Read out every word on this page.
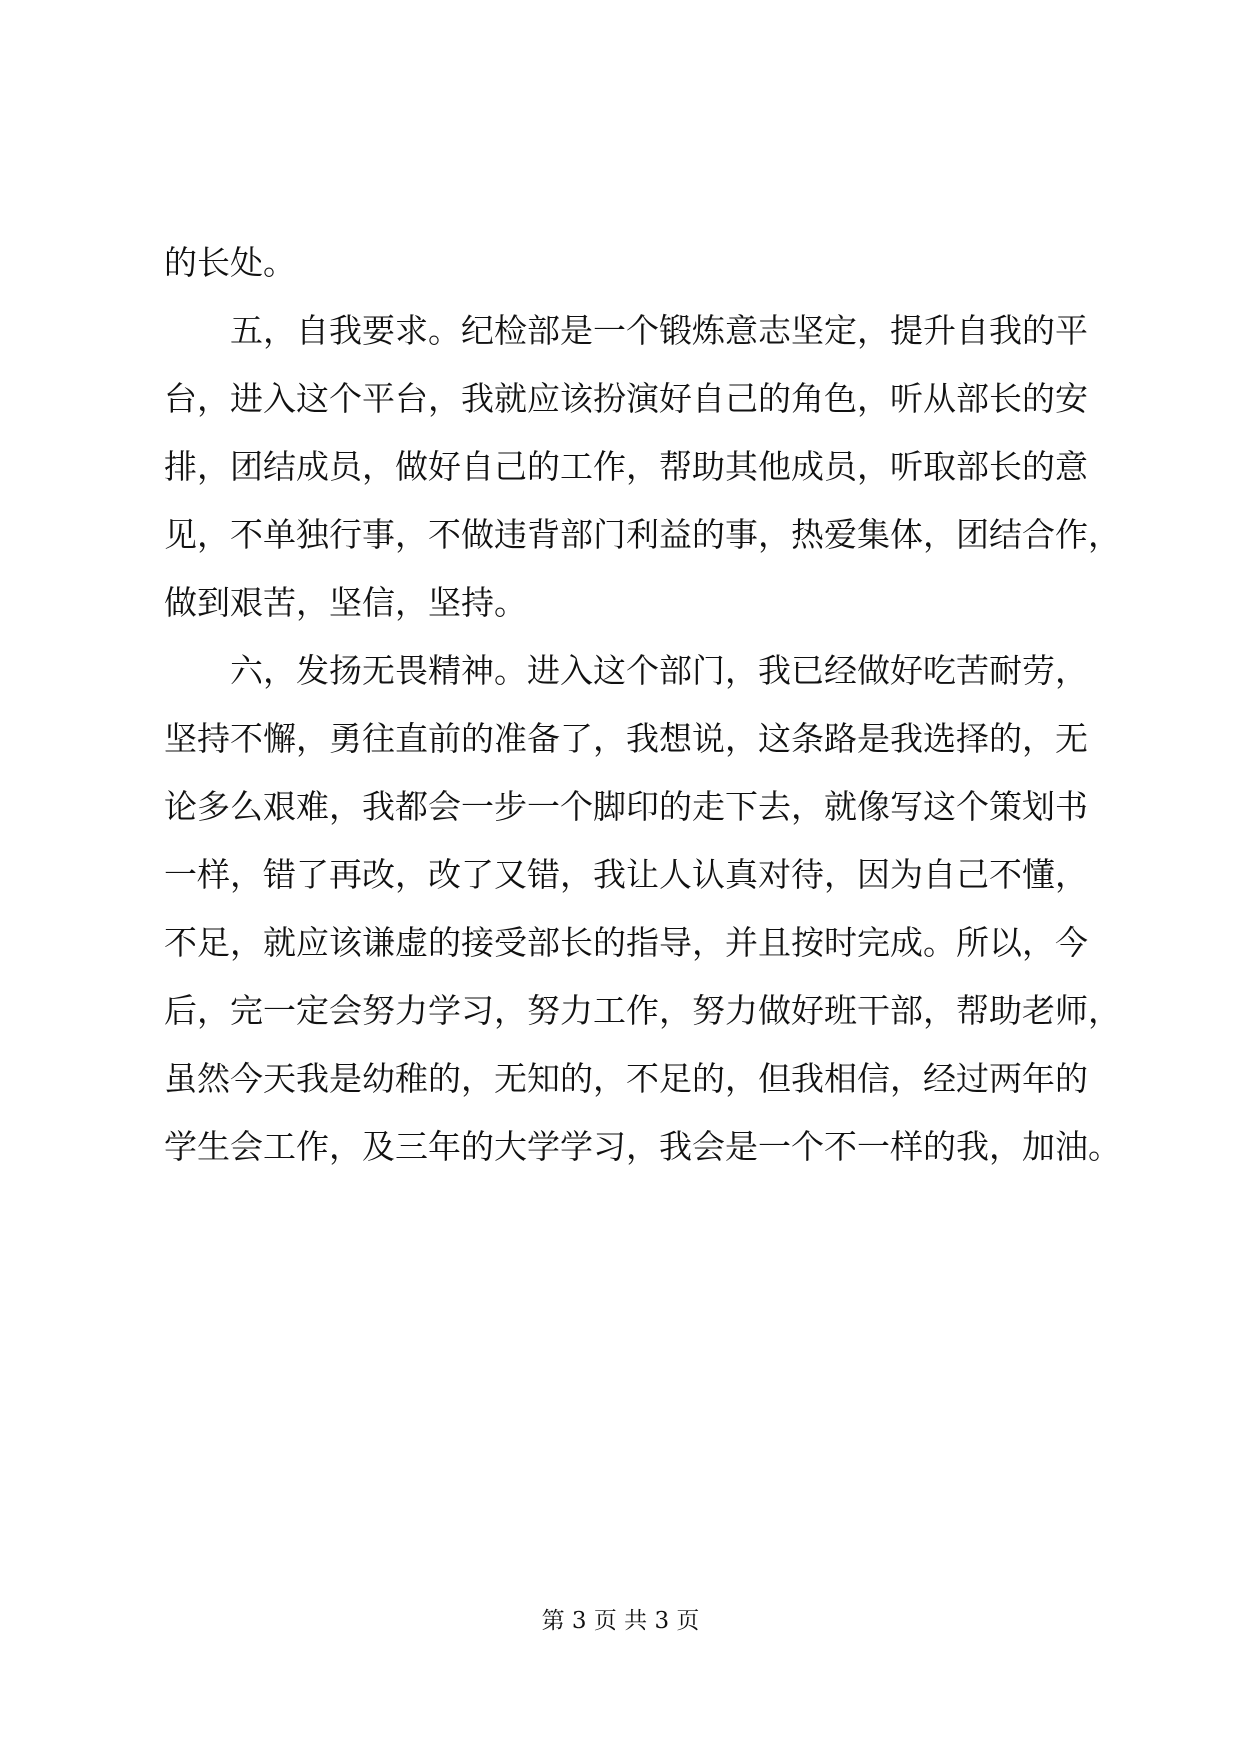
的长处。
　　五，自我要求。纪检部是一个锻炼意志坚定，提升自我的平
台，进入这个平台，我就应该扮演好自己的角色，听从部长的安
排，团结成员，做好自己的工作，帮助其他成员，听取部长的意
见，不单独行事，不做违背部门利益的事，热爱集体，团结合作，
做到艰苦，坚信，坚持。
　　六，发扬无畏精神。进入这个部门，我已经做好吃苦耐劳，
坚持不懈，勇往直前的准备了，我想说，这条路是我选择的，无
论多么艰难，我都会一步一个脚印的走下去，就像写这个策划书
一样，错了再改，改了又错，我让人认真对待，因为自己不懂，
不足，就应该谦虚的接受部长的指导，并且按时完成。所以，今
后，完一定会努力学习，努力工作，努力做好班干部，帮助老师，
虽然今天我是幼稚的，无知的，不足的，但我相信，经过两年的
学生会工作，及三年的大学学习，我会是一个不一样的我，加油。
第 3 页 共 3 页
